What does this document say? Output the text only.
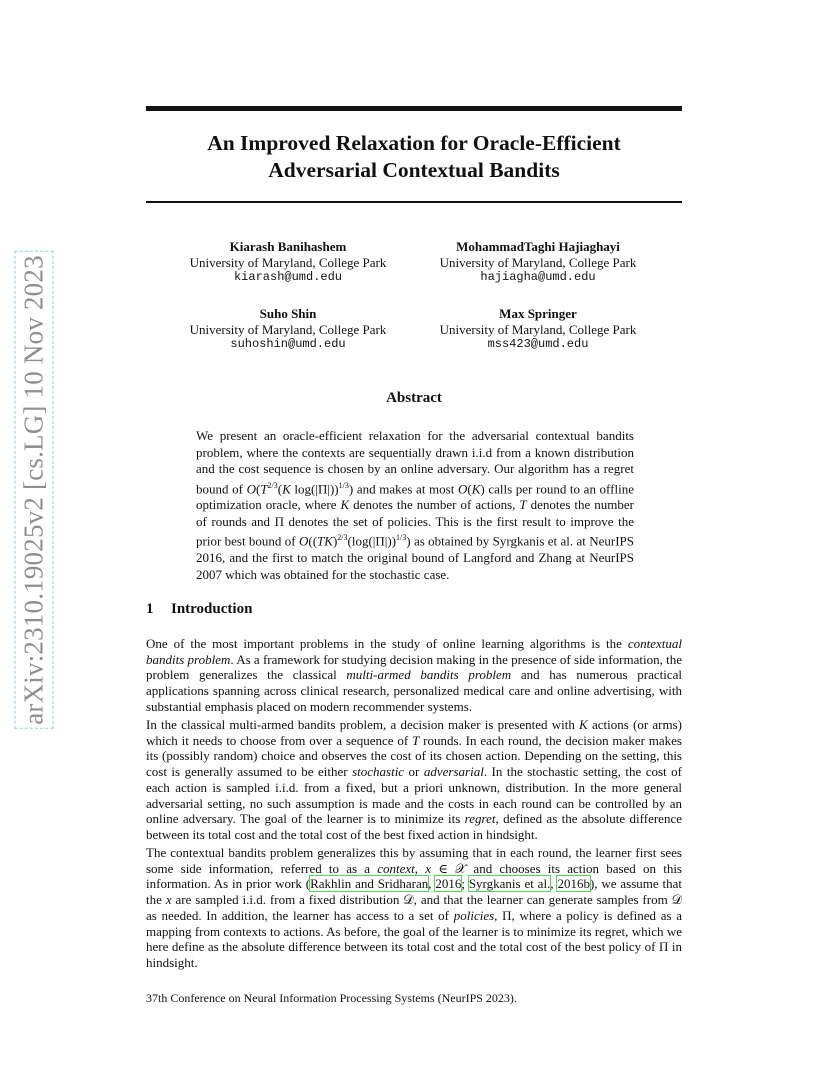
arXiv:2310.19025v2 [cs.LG] 10 Nov 2023
An Improved Relaxation for Oracle-Efficient
Adversarial Contextual Bandits
Kiarash Banihashem
University of Maryland, College Park
kiarash@umd.edu
MohammadTaghi Hajiaghayi
University of Maryland, College Park
hajiagha@umd.edu
Suho Shin
University of Maryland, College Park
suhoshin@umd.edu
Max Springer
University of Maryland, College Park
mss423@umd.edu
Abstract
We present an oracle-efficient relaxation for the adversarial contextual bandits problem, where the contexts are sequentially drawn i.i.d from a known distribution and the cost sequence is chosen by an online adversary. Our algorithm has a regret bound of $O(T^{2/3}(K$ log(|Π|))$^{1/3}$) and makes at most O(K) calls per round to an offline optimization oracle, where K denotes the number of actions, T denotes the number of rounds and Π denotes the set of policies. This is the first result to improve the prior best bound of $O((TK)^{2/3}(\log(|\Pi|))^{1/3})$ as obtained by Syrgkanis et al. at NeurIPS 2016, and the first to match the original bound of Langford and Zhang at NeurIPS 2007 which was obtained for the stochastic case.
1 Introduction
One of the most important problems in the study of online learning algorithms is the contextual bandits problem. As a framework for studying decision making in the presence of side information, the problem generalizes the classical multi-armed bandits problem and has numerous practical applications spanning across clinical research, personalized medical care and online advertising, with substantial emphasis placed on modern recommender systems.
In the classical multi-armed bandits problem, a decision maker is presented with K actions (or arms) which it needs to choose from over a sequence of T rounds. In each round, the decision maker makes its (possibly random) choice and observes the cost of its chosen action. Depending on the setting, this cost is generally assumed to be either stochastic or adversarial. In the stochastic setting, the cost of each action is sampled i.i.d. from a fixed, but a priori unknown, distribution. In the more general adversarial setting, no such assumption is made and the costs in each round can be controlled by an online adversary. The goal of the learner is to minimize its regret, defined as the absolute difference between its total cost and the total cost of the best fixed action in hindsight.
The contextual bandits problem generalizes this by assuming that in each round, the learner first sees some side information, referred to as a context, x ∈ 𝒳 and chooses its action based on this information. As in prior work (Rakhlin and Sridharan, 2016; Syrgkanis et al., 2016b), we assume that the x are sampled i.i.d. from a fixed distribution 𝒟, and that the learner can generate samples from 𝒟 as needed. In addition, the learner has access to a set of policies, Π, where a policy is defined as a mapping from contexts to actions. As before, the goal of the learner is to minimize its regret, which we here define as the absolute difference between its total cost and the total cost of the best policy of Π in hindsight.
37th Conference on Neural Information Processing Systems (NeurIPS 2023).
